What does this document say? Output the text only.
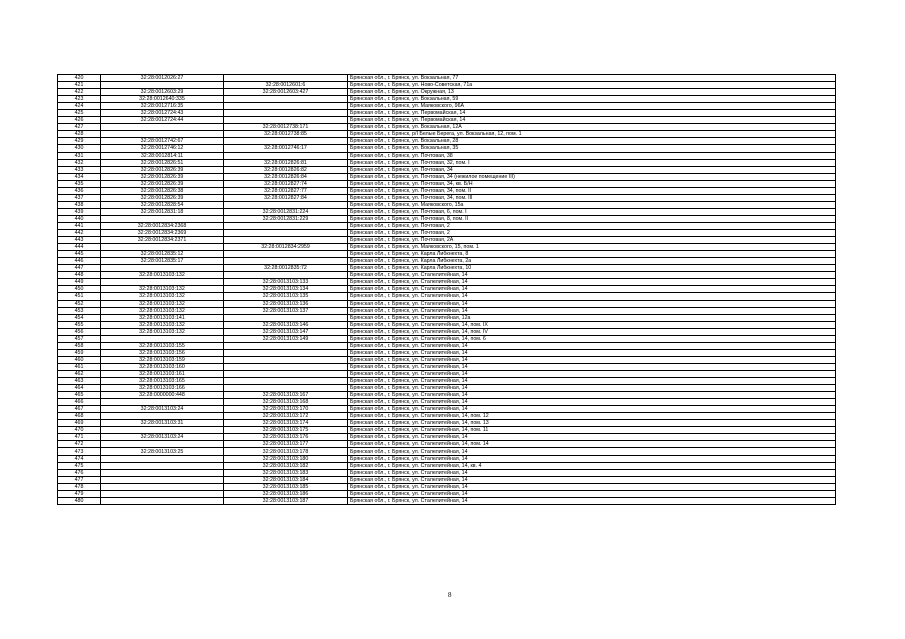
420	32:28:0012026:27		Брянская обл., г. Брянск, ул. Вокзальная, 77
421		32:28:0012601:6	Брянская обл., г. Брянск, ул. Ново-Советская, 71а
422	32:28:0012603:29	32:28:0012603:427	Брянская обл., г. Брянск, ул. Окружная, 13
423	32:28:0012640:335		Брянская обл., г. Брянск, ул. Вокзальная, 59
424	32:28:0012716:35		Брянская обл., г. Брянск, ул. Маяковского, 96А
425	32:28:0012724:43		Брянская обл., г. Брянск, ул. Первомайская, 14
426	32:28:0012724:44		Брянская обл., г. Брянск, ул. Первомайская, 14
427		32:28:0012738:171	Брянская обл., г. Брянск, ул. Вокзальная, 12А
428		32:28:0012738:85	Брянская обл., г. Брянск, р/I Белые Берега, ул. Вокзальная, 12, пом. 1
429	32:28:0012742:67		Брянская обл., г. Брянск, ул. Вокзальная, 28
430	32:28:0012746:12	32:28:0012746:17	Брянская обл., г. Брянск, ул. Вокзальная, 35
431	32:28:0012814:11		Брянская обл., г. Брянск, ул. Почтовая, 38
432	32:28:0012826:51	32:28:0012826:81	Брянская обл., г. Брянск, ул. Почтовая, 32, пом. I
433	32:28:0012826:39	32:28:0012826:82	Брянская обл., г. Брянск, ул. Почтовая, 34
434	32:28:0012826:39	32:28:0012826:84	Брянская обл., г. Брянск, ул. Почтовая, 34 (нежилое помещение III)
435	32:28:0012826:39	32:28:0012827:74	Брянская обл., г. Брянск, ул. Почтовая, 34, кв. Б/Н
436	32:28:0012826:38	32:28:0012827:77	Брянская обл., г. Брянск, ул. Почтовая, 34, пом. II
437	32:28:0012826:39	32:28:0012827:84	Брянская обл., г. Брянск, ул. Почтовая, 34, пом. III
438	32:28:0012828:54		Брянская обл., г. Брянск, ул. Маяковского, 15а
439	32:28:0012831:18	32:28:0012831:224	Брянская обл., г. Брянск, ул. Почтовая, 6, пом. I
440		32:28:0012831:229	Брянская обл., г. Брянск, ул. Почтовая, 8, пом. II
441	32:28:0012834:2368		Брянская обл., г. Брянск, ул. Почтовая, 2
442	32:28:0012834:2369		Брянская обл., г. Брянск, ул. Почтовая, 2
443	32:28:0012834:2371		Брянская обл., г. Брянск, ул. Почтовая, 2А
444		32:28:0012834:2959	Брянская обл., г. Брянск, ул. Маяковского, 15, пом. 1
445	32:28:0012835:12		Брянская обл., г. Брянск, ул. Карла Либкнехта, 8
446	32:28:0012835:17		Брянская обл., г. Брянск, ул. Карла Либкнехта, 2а
447		32:28:0012835:72	Брянская обл., г. Брянск, ул. Карла Либкнехта, 10
448	32:28:0013103:132		Брянская обл., г. Брянск, ул. Сталелитейная, 14
449		32:28:0013103:133	Брянская обл., г. Брянск, ул. Сталелитейная, 14
450	32:28:0013103:132	32:28:0013103:134	Брянская обл., г. Брянск, ул. Сталелитейная, 14
451	32:28:0013103:132	32:28:0013103:135	Брянская обл., г. Брянск, ул. Сталелитейная, 14
452	32:28:0013103:132	32:28:0013103:136	Брянская обл., г. Брянск, ул. Сталелитейная, 14
453	32:28:0013103:132	32:28:0013103:137	Брянская обл., г. Брянск, ул. Сталелитейная, 14
454	32:28:0013103:141		Брянская обл., г. Брянск, ул. Сталелитейная, 12а
455	32:28:0013103:132	32:28:0013103:146	Брянская обл., г. Брянск, ул. Сталелитейная, 14, пом. IX
456	32:28:0013103:132	32:28:0013103:147	Брянская обл., г. Брянск, ул. Сталелитейная, 14, пом. IV
457		32:28:0013103:149	Брянская обл., г. Брянск, ул. Сталелитейная, 14, пом. 6
458	32:28:0013103:155		Брянская обл., г. Брянск, ул. Сталелитейная, 14
459	32:28:0013103:156		Брянская обл., г. Брянск, ул. Сталелитейная, 14
460	32:28:0013103:159		Брянская обл., г. Брянск, ул. Сталелитейная, 14
461	32:28:0013103:160		Брянская обл., г. Брянск, ул. Сталелитейная, 14
462	32:28:0013103:161		Брянская обл., г. Брянск, ул. Сталелитейная, 14
463	32:28:0013103:165		Брянская обл., г. Брянск, ул. Сталелитейная, 14
464	32:28:0013103:166		Брянская обл., г. Брянск, ул. Сталелитейная, 14
465	32:28:0000000:448	32:28:0013103:167	Брянская обл., г. Брянск, ул. Сталелитейная, 14
466		32:28:0013103:168	Брянская обл., г. Брянск, ул. Сталелитейная, 14
467	32:28:0013103:24	32:28:0013103:170	Брянская обл., г. Брянск, ул. Сталелитейная, 14
468		32:28:0013103:172	Брянская обл., г. Брянск, ул. Сталелитейная, 14, пом. 12
469	32:28:0013103:31	32:28:0013103:174	Брянская обл., г. Брянск, ул. Сталелитейная, 14, пом. 13
470		32:28:0013103:175	Брянская обл., г. Брянск, ул. Сталелитейная, 14, пом. 11
471	32:28:0013103:24	32:28:0013103:176	Брянская обл., г. Брянск, ул. Сталелитейная, 14
472		32:28:0013103:177	Брянская обл., г. Брянск, ул. Сталелитейная, 14, пом. 14
473	32:28:0013103:25	32:28:0013103:178	Брянская обл., г. Брянск, ул. Сталелитейная, 14
474		32:28:0013103:180	Брянская обл., г. Брянск, ул. Сталелитейная, 14
475		32:28:0013103:182	Брянская обл., г. Брянск, ул. Сталелитейная, 14, кв. 4
476		32:28:0013103:183	Брянская обл., г. Брянск, ул. Сталелитейная, 14
477		32:28:0013103:184	Брянская обл., г. Брянск, ул. Сталелитейная, 14
478		32:28:0013103:185	Брянская обл., г. Брянск, ул. Сталелитейная, 14
479		32:28:0013103:186	Брянская обл., г. Брянск, ул. Сталелитейная, 14
480		32:28:0013103:187	Брянская обл., г. Брянск, ул. Сталелитейная, 14
8
